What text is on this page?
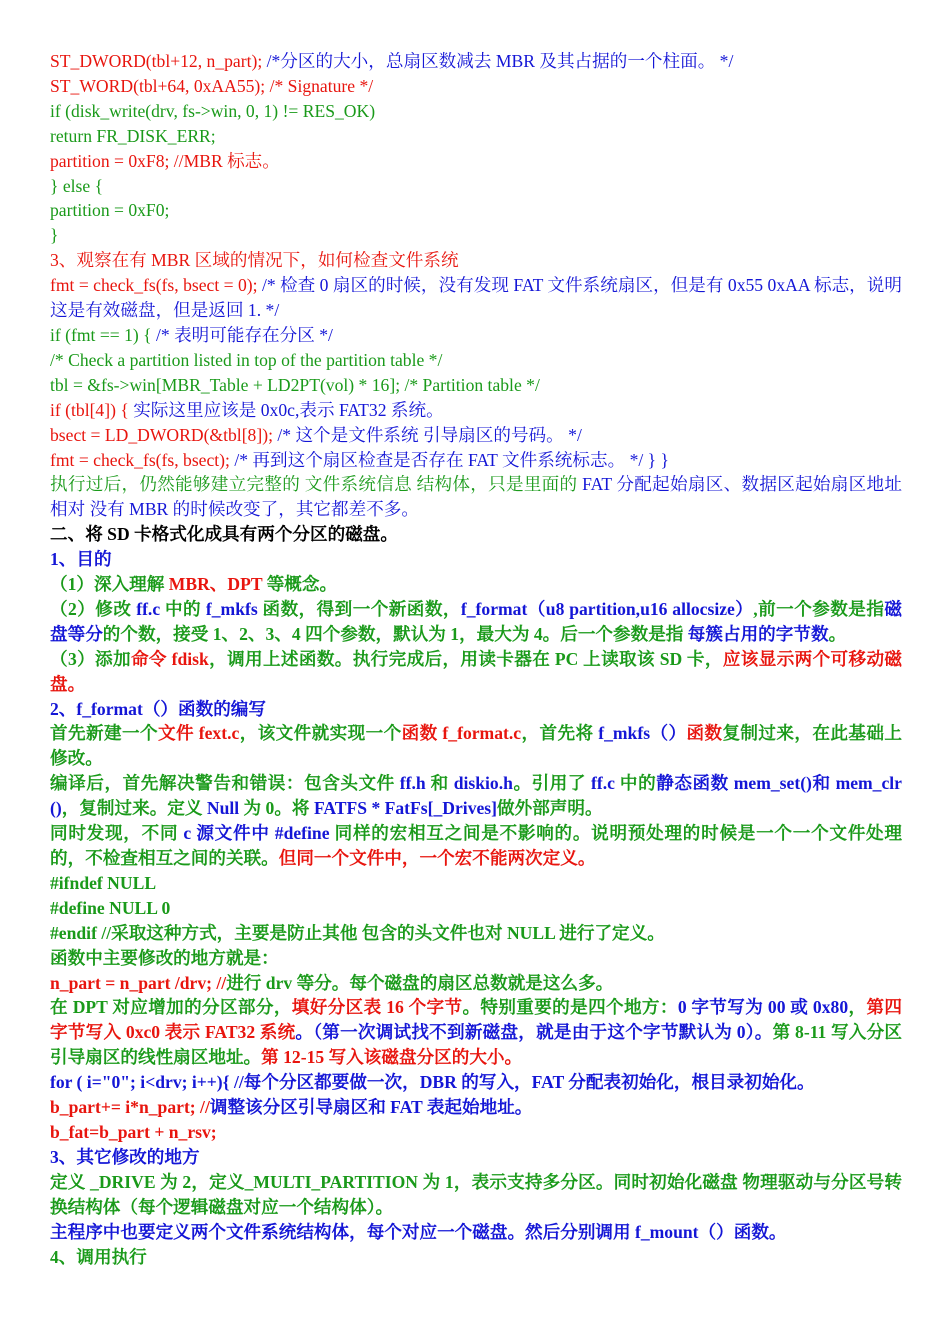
ST_DWORD(tbl+12, n_part); /*分区的大小，总扇区数减去 MBR 及其占据的一个柱面。 */

ST_WORD(tbl+64, 0xAA55); /* Signature */

if (disk_write(drv, fs->win, 0, 1) != RES_OK)

return FR_DISK_ERR;

partition = 0xF8; //MBR 标志。

} else {

partition = 0xF0;

}

3、观察在有 MBR 区域的情况下，如何检查文件系统

fmt = check_fs(fs, bsect = 0); /* 检查 0 扇区的时候，没有发现 FAT 文件系统扇区，但是有 0x55 0xAA 标志，说明这是有效磁盘，但是返回 1. */

if (fmt == 1) { /* 表明可能存在分区 */

/* Check a partition listed in top of the partition table */

tbl = &fs->win[MBR_Table + LD2PT(vol) * 16]; /* Partition table */

if (tbl[4]) { 实际这里应该是 0x0c,表示 FAT32 系统。

bsect = LD_DWORD(&tbl[8]); /* 这个是文件系统 引导扇区的号码。 */

fmt = check_fs(fs, bsect); /* 再到这个扇区检查是否存在 FAT 文件系统标志。 */ } }

执行过后，仍然能够建立完整的 文件系统信息 结构体，只是里面的 FAT 分配起始扇区、数据区起始扇区地址相对 没有 MBR 的时候改变了，其它都差不多。

二、将 SD 卡格式化成具有两个分区的磁盘。

1、目的

（1）深入理解 MBR、DPT 等概念。

（2）修改 ff.c 中的 f_mkfs 函数，得到一个新函数，f_format（u8 partition,u16 allocsize）,前一个参数是指磁盘等分的个数，接受 1、2、3、4 四个参数，默认为 1，最大为 4。后一个参数是指 每簇占用的字节数。

（3）添加命令 fdisk，调用上述函数。执行完成后，用读卡器在 PC 上读取该 SD 卡，应该显示两个可移动磁盘。

2、f_format（）函数的编写

首先新建一个文件 fext.c，该文件就实现一个函数 f_format.c，首先将 f_mkfs（）函数复制过来，在此基础上修改。

编译后，首先解决警告和错误：包含头文件 ff.h 和 diskio.h。引用了 ff.c 中的静态函数 mem_set()和 mem_clr()，复制过来。定义 Null 为 0。将 FATFS * FatFs[_Drives]做外部声明。

同时发现，不同 c 源文件中 #define 同样的宏相互之间是不影响的。说明预处理的时候是一个一个文件处理的，不检查相互之间的关联。但同一个文件中，一个宏不能两次定义。

#ifndef NULL

#define NULL 0

#endif //采取这种方式，主要是防止其他 包含的头文件也对 NULL 进行了定义。

函数中主要修改的地方就是：

n_part = n_part /drv; //进行 drv 等分。每个磁盘的扇区总数就是这么多。

在 DPT 对应增加的分区部分，填好分区表 16 个字节。特别重要的是四个地方：0 字节写为 00 或 0x80，第四字节写入 0xc0 表示 FAT32 系统。（第一次调试找不到新磁盘，就是由于这个字节默认为 0）。第 8-11 写入分区引导扇区的线性扇区地址。第 12-15 写入该磁盘分区的大小。

for ( i="0"; i<drv; i++){ //每个分区都要做一次，DBR 的写入，FAT 分配表初始化，根目录初始化。

b_part+= i*n_part; //调整该分区引导扇区和 FAT 表起始地址。

b_fat=b_part + n_rsv;

3、其它修改的地方

定义 _DRIVE 为 2，定义_MULTI_PARTITION 为 1，表示支持多分区。同时初始化磁盘 物理驱动与分区号转换结构体（每个逻辑磁盘对应一个结构体）。

主程序中也要定义两个文件系统结构体，每个对应一个磁盘。然后分别调用 f_mount（）函数。

4、调用执行
